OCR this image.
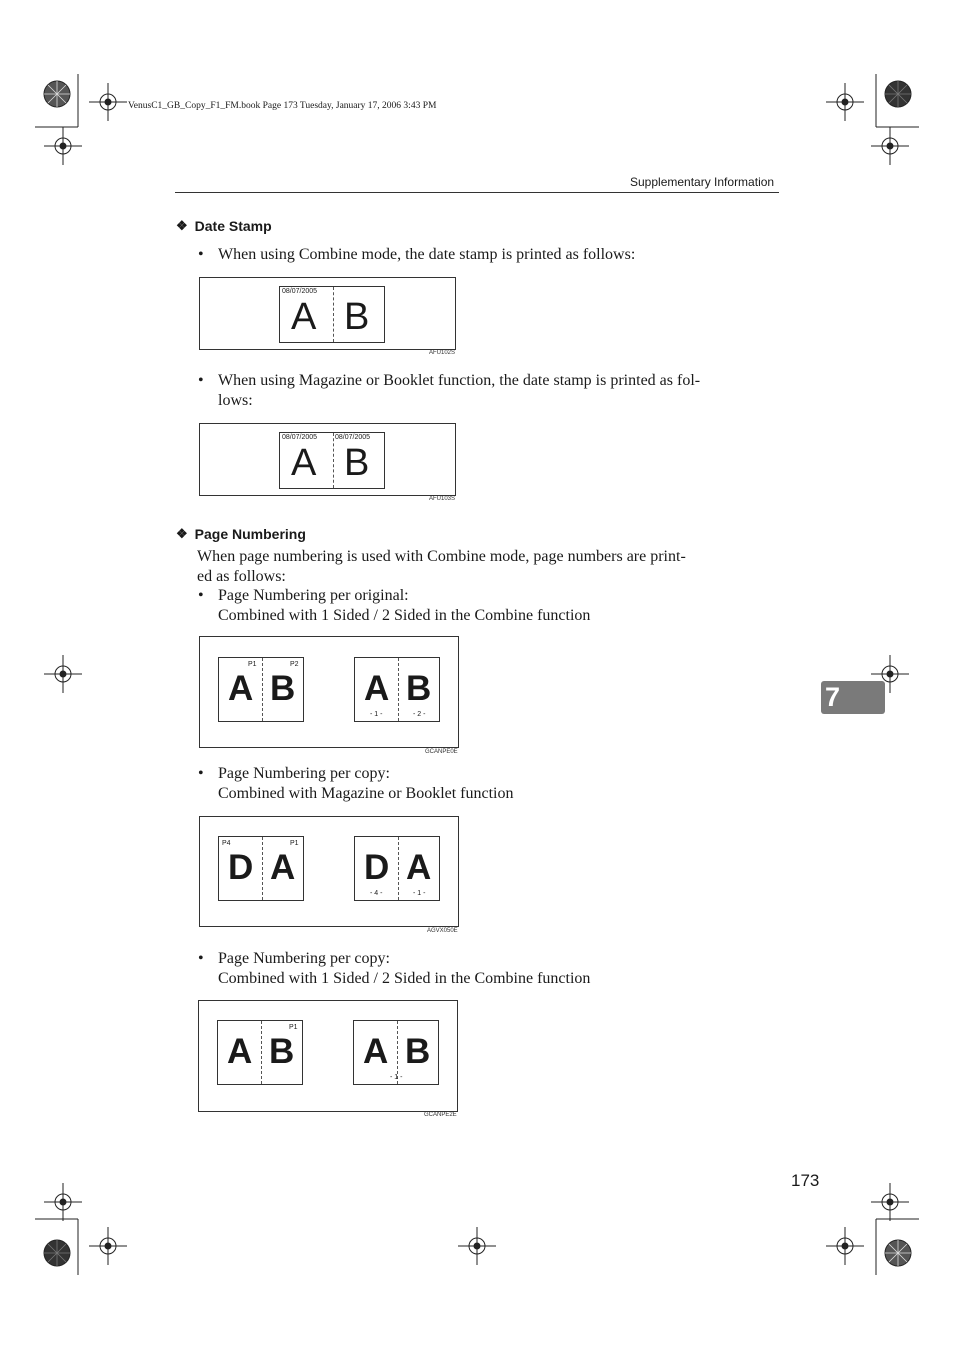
VenusC1_GB_Copy_F1_FM.book Page 173 Tuesday, January 17, 2006 3:43 PM
Supplementary Information
❖ Date Stamp
• When using Combine mode, the date stamp is printed as follows:
08/07/2005
A B
AFU102S
• When using Magazine or Booklet function, the date stamp is printed as fol-
lows:
08/07/2005	08/07/2005
A B
AFU103S
❖ Page Numbering
When page numbering is used with Combine mode, page numbers are print-
ed as follows:
• Page Numbering per original:
Combined with 1 Sided / 2 Sided in the Combine function
P1	P2
A B A B
- 1 -	- 2 -
GCANPE0E
• Page Numbering per copy:
Combined with Magazine or Booklet function
P4	P1
D A D A
- 4 -	- 1 -
AGVX050E
• Page Numbering per copy:
Combined with 1 Sided / 2 Sided in the Combine function
P1
A B A B
- 1 -
GCANPE2E
7
173
